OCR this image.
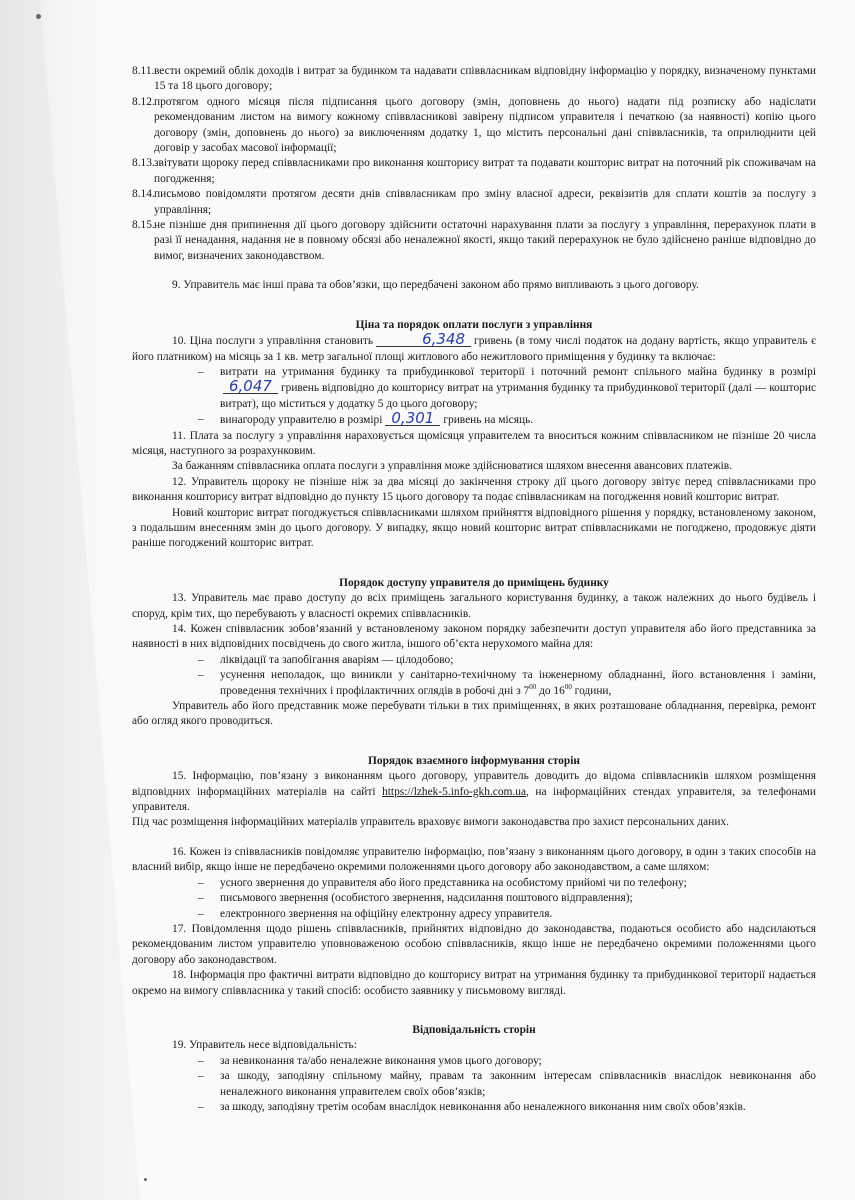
8.11. вести окремий облік доходів і витрат за будинком та надавати співвласникам відповідну інформацію у порядку, визначеному пунктами 15 та 18 цього договору;

8.12. протягом одного місяця після підписання цього договору (змін, доповнень до нього) надати під розписку або надіслати рекомендованим листом на вимогу кожному співвласникові завірену підписом управителя і печаткою (за наявності) копію цього договору (змін, доповнень до нього) за виключенням додатку 1, що містить персональні дані співвласників, та оприлюднити цей договір у засобах масової інформації;

8.13. звітувати щороку перед співвласниками про виконання кошторису витрат та подавати кошторис витрат на поточний рік споживачам на погодження;

8.14. письмово повідомляти протягом десяти днів співвласникам про зміну власної адреси, реквізитів для сплати коштів за послугу з управління;

8.15. не пізніше дня припинення дії цього договору здійснити остаточні нарахування плати за послугу з управління, перерахунок плати в разі її ненадання, надання не в повному обсязі або неналежної якості, якщо такий перерахунок не було здійснено раніше відповідно до вимог, визначених законодавством.

9. Управитель має інші права та обов’язки, що передбачені законом або прямо випливають з цього договору.

Ціна та порядок оплати послуги з управління

10. Ціна послуги з управління становить	6,348 гривень (в тому числі податок на додану вартість, якщо управитель є його платником) на місяць за 1 кв. метр загальної площі житлового або нежитлового приміщення у будинку та включає:

– витрати на утримання будинку та прибудинкової території і поточний ремонт спільного майна будинку в розмірі6,047 гривень відповідно до кошторису витрат на утримання будинку та прибудинкової території (далі — кошторис витрат), що міститься у додатку 5 до цього договору;
– винагороду управителю в розмірі 0,301 гривень на місяць.

11. Плата за послугу з управління нараховується щомісяця управителем та вноситься кожним співвласником не пізніше 20 числа місяця, наступного за розрахунковим.

За бажанням співвласника оплата послуги з управління може здійснюватися шляхом внесення авансових платежів.

12. Управитель щороку не пізніше ніж за два місяці до закінчення строку дії цього договору звітує перед співвласниками про виконання кошторису витрат відповідно до пункту 15 цього договору та подає співвласникам на погодження новий кошторис витрат.

Новий кошторис витрат погоджується співвласниками шляхом прийняття відповідного рішення у порядку, встановленому законом, з подальшим внесенням змін до цього договору. У випадку, якщо новий кошторис витрат співвласниками не погоджено, продовжує діяти раніше погоджений кошторис витрат.

Порядок доступу управителя до приміщень будинку

13. Управитель має право доступу до всіх приміщень загального користування будинку, а також належних до нього будівель і споруд, крім тих, що перебувають у власності окремих співвласників.

14. Кожен співвласник зобов’язаний у встановленому законом порядку забезпечити доступ управителя або його представника за наявності в них відповідних посвідчень до свого житла, іншого об’єкта нерухомого майна для:

– ліквідації та запобігання аваріям — цілодобово;
– усунення неполадок, що виникли у санітарно-технічному та інженерному обладнанні, його встановлення і заміни, проведення технічних і профілактичних оглядів в робочі дні з $7^{00}$ до $16^{00}$ години,

Управитель або його представник може перебувати тільки в тих приміщеннях, в яких розташоване обладнання, перевірка, ремонт або огляд якого проводиться.

Порядок взаємного інформування сторін

15. Інформацію, пов’язану з виконанням цього договору, управитель доводить до відома співвласників шляхом розміщення відповідних інформаційних матеріалів на сайті https://lzhek-5.info-gkh.com.ua, на інформаційних стендах управителя, за телефонами управителя.

Під час розміщення інформаційних матеріалів управитель враховує вимоги законодавства про захист персональних даних.

16. Кожен із співвласників повідомляє управителю інформацію, пов’язану з виконанням цього договору, в один з таких способів на власний вибір, якщо інше не передбачено окремими положеннями цього договору або законодавством, а саме шляхом:

– усного звернення до управителя або його представника на особистому прийомі чи по телефону;
– письмового звернення (особистого звернення, надсилання поштового відправлення);
– електронного звернення на офіційну електронну адресу управителя.

17. Повідомлення щодо рішень співвласників, прийнятих відповідно до законодавства, подаються особисто або надсилаються рекомендованим листом управителю уповноваженою особою співвласників, якщо інше не передбачено окремими положеннями цього договору або законодавством.

18. Інформація про фактичні витрати відповідно до кошторису витрат на утримання будинку та прибудинкової території надається окремо на вимогу співвласника у такий спосіб: особисто заявнику у письмовому вигляді.

Відповідальність сторін

19. Управитель несе відповідальність:

– за невиконання та/або неналежне виконання умов цього договору;
– за шкоду, заподіяну спільному майну, правам та законним інтересам співвласників внаслідок невиконання або неналежного виконання управителем своїх обов’язків;
– за шкоду, заподіяну третім особам внаслідок невиконання або неналежного виконання ним своїх обов’язків.
